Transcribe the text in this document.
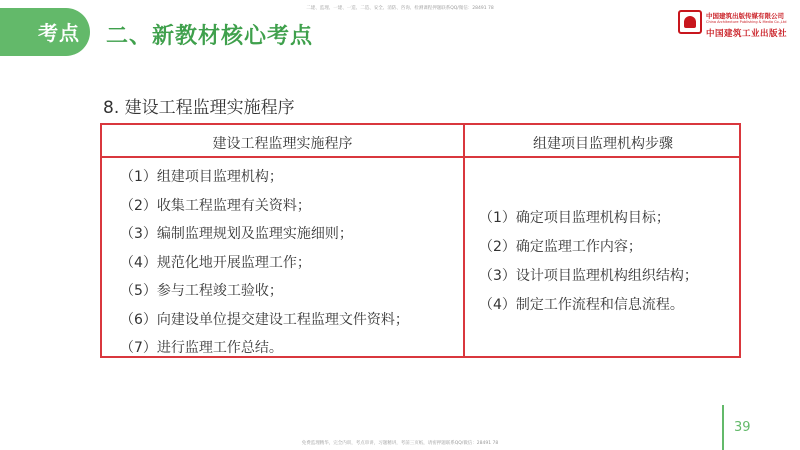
二建、监理、一建、一造、二造、安全、消防、咨询、检测课程押题联系QQ/微信：28491 78
考点 二、新教材核心考点
中国建筑出版传媒有限公司
China Architecture Publishing & Media Co.,Ltd
中国建筑工业出版社
8. 建设工程监理实施程序
建设工程监理实施程序	组建项目监理机构步骤
（1）组建项目监理机构；
（2）收集工程监理有关资料；
（3）编制监理规划及监理实施细则；
（4）规范化地开展监理工作；
（5）参与工程竣工验收；
（6）向建设单位提交建设工程监理文件资料；
（7）进行监理工作总结。
（1）确定项目监理机构目标；
（2）确定监理工作内容；
（3）设计项目监理机构组织结构；
（4）制定工作流程和信息流程。
39
免费监理精华，完全内训，考点串讲，习题精讲，考前三页纸，请密押题联系QQ/微信：28491 78
